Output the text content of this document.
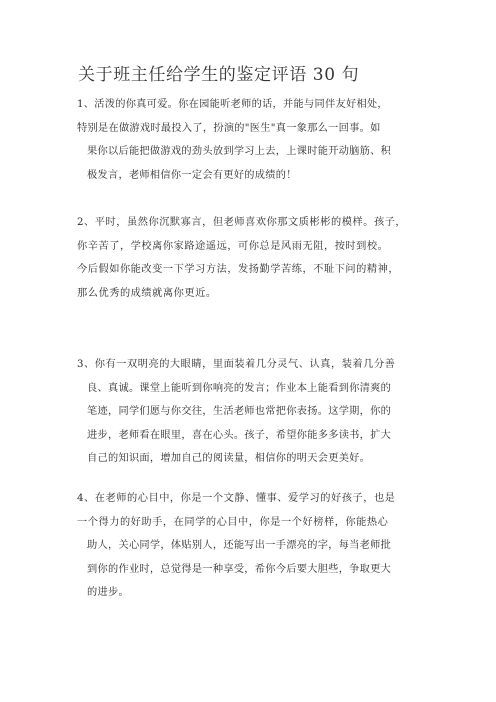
关于班主任给学生的鉴定评语 30 句
1、活泼的你真可爱。你在园能听老师的话，并能与同伴友好相处，
特别是在做游戏时最投入了，扮演的"医生"真一象那么一回事。如
果你以后能把做游戏的劲头放到学习上去，上课时能开动脑筋、积
极发言，老师相信你一定会有更好的成绩的！
2、平时，虽然你沉默寡言，但老师喜欢你那文质彬彬的模样。孩子，
你辛苦了，学校离你家路途遥远，可你总是风雨无阻，按时到校。
今后假如你能改变一下学习方法，发扬勤学苦练，不耻下问的精神，
那么优秀的成绩就离你更近。
3、你有一双明亮的大眼睛，里面装着几分灵气、认真，装着几分善
良、真诚。课堂上能听到你响亮的发言；作业本上能看到你清爽的
笔迹，同学们愿与你交往，生活老师也常把你表扬。这学期，你的
进步，老师看在眼里，喜在心头。孩子，希望你能多多读书，扩大
自己的知识面，增加自己的阅读量，相信你的明天会更美好。
4、在老师的心目中，你是一个文静、懂事、爱学习的好孩子，也是
一个得力的好助手，在同学的心目中，你是一个好榜样，你能热心
助人，关心同学，体贴别人，还能写出一手漂亮的字，每当老师批
到你的作业时，总觉得是一种享受，希你今后要大胆些，争取更大
的进步。
